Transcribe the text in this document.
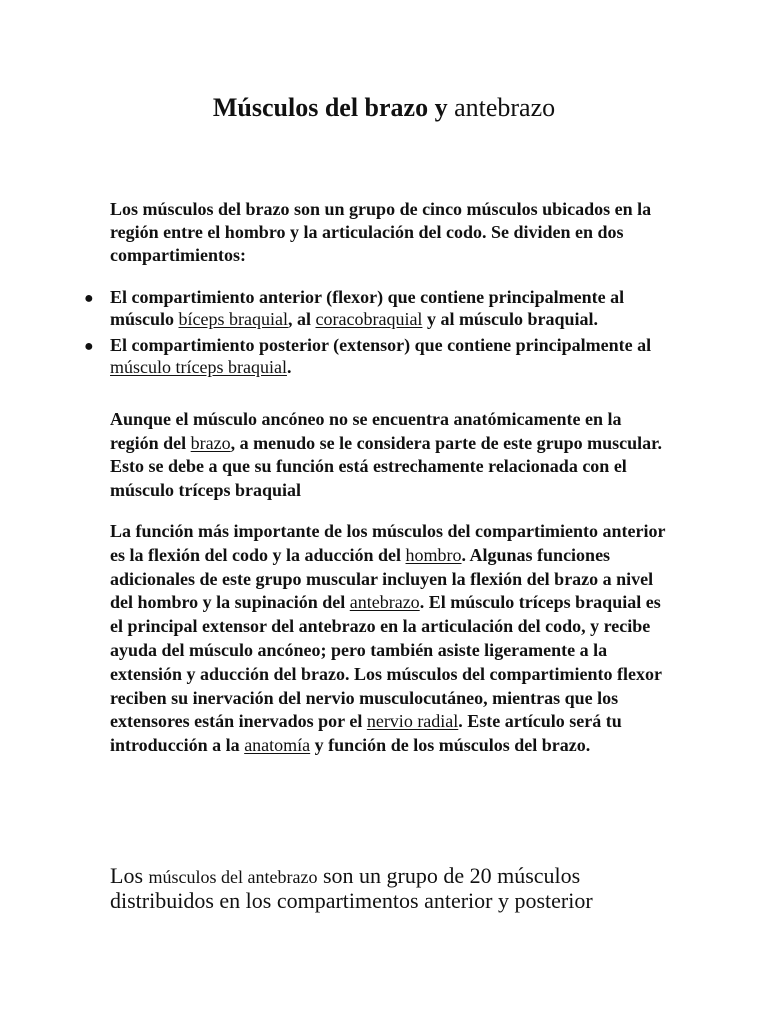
Músculos del brazo y antebrazo

Los músculos del brazo son un grupo de cinco músculos ubicados en la región entre el hombro y la articulación del codo. Se dividen en dos compartimientos:

● El compartimiento anterior (flexor) que contiene principalmente al músculo bíceps braquial, al coracobraquial y al músculo braquial.
● El compartimiento posterior (extensor) que contiene principalmente al músculo tríceps braquial.

Aunque el músculo ancóneo no se encuentra anatómicamente en la región del brazo, a menudo se le considera parte de este grupo muscular. Esto se debe a que su función está estrechamente relacionada con el músculo tríceps braquial

La función más importante de los músculos del compartimiento anterior es la flexión del codo y la aducción del hombro. Algunas funciones adicionales de este grupo muscular incluyen la flexión del brazo a nivel del hombro y la supinación del antebrazo. El músculo tríceps braquial es el principal extensor del antebrazo en la articulación del codo, y recibe ayuda del músculo ancóneo; pero también asiste ligeramente a la extensión y aducción del brazo. Los músculos del compartimiento flexor reciben su inervación del nervio musculocutáneo, mientras que los extensores están inervados por el nervio radial. Este artículo será tu introducción a la anatomía y función de los músculos del brazo.

Los músculos del antebrazo son un grupo de 20 músculos distribuidos en los compartimentos anterior y posterior
